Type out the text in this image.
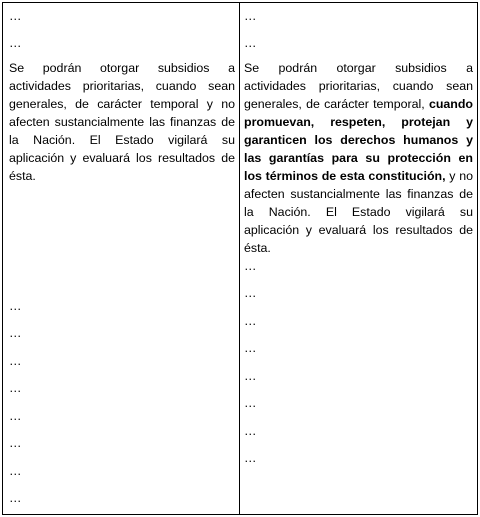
…
…
Se podrán otorgar subsidios a actividades prioritarias, cuando sean generales, de carácter temporal y no afecten sustancialmente las finanzas de la Nación. El Estado vigilará su aplicación y evaluará los resultados de ésta.
…
…
…
…
…
…
…
…
…
…
Se podrán otorgar subsidios a actividades prioritarias, cuando sean generales, de carácter temporal, cuando promuevan, respeten, protejan y garanticen los derechos humanos y las garantías para su protección en los términos de esta constitución, y no afecten sustancialmente las finanzas de la Nación. El Estado vigilará su aplicación y evaluará los resultados de ésta.
…
…
…
…
…
…
…
…
